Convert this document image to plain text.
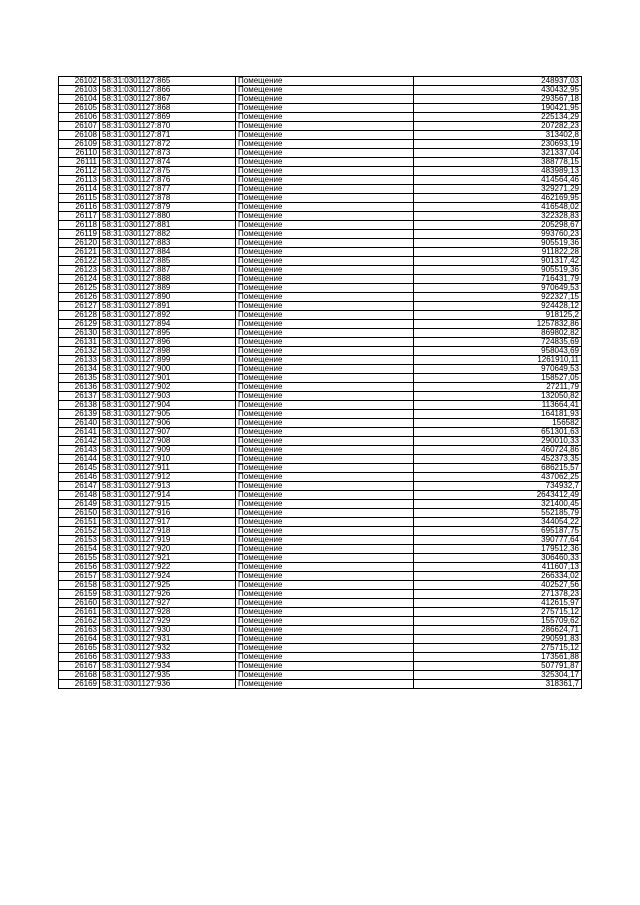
26102	58:31:0301127:865	Помещение	248937,03
26103	58:31:0301127:866	Помещение	430432,95
26104	58:31:0301127:867	Помещение	293567,18
26105	58:31:0301127:868	Помещение	190421,95
26106	58:31:0301127:869	Помещение	225134,29
26107	58:31:0301127:870	Помещение	207282,23
26108	58:31:0301127:871	Помещение	313402,8
26109	58:31:0301127:872	Помещение	230693,19
26110	58:31:0301127:873	Помещение	321337,04
26111	58:31:0301127:874	Помещение	388778,15
26112	58:31:0301127:875	Помещение	483989,13
26113	58:31:0301127:876	Помещение	414564,46
26114	58:31:0301127:877	Помещение	329271,29
26115	58:31:0301127:878	Помещение	462169,95
26116	58:31:0301127:879	Помещение	416548,02
26117	58:31:0301127:880	Помещение	322328,83
26118	58:31:0301127:881	Помещение	205298,67
26119	58:31:0301127:882	Помещение	993760,23
26120	58:31:0301127:883	Помещение	905519,36
26121	58:31:0301127:884	Помещение	911822,28
26122	58:31:0301127:885	Помещение	901317,42
26123	58:31:0301127:887	Помещение	905519,36
26124	58:31:0301127:888	Помещение	716431,79
26125	58:31:0301127:889	Помещение	970649,53
26126	58:31:0301127:890	Помещение	922327,15
26127	58:31:0301127:891	Помещение	924428,12
26128	58:31:0301127:892	Помещение	918125,2
26129	58:31:0301127:894	Помещение	1257832,86
26130	58:31:0301127:895	Помещение	869802,82
26131	58:31:0301127:896	Помещение	724835,69
26132	58:31:0301127:898	Помещение	958043,69
26133	58:31:0301127:899	Помещение	1261910,11
26134	58:31:0301127:900	Помещение	970649,53
26135	58:31:0301127:901	Помещение	158527,05
26136	58:31:0301127:902	Помещение	27211,79
26137	58:31:0301127:903	Помещение	132050,82
26138	58:31:0301127:904	Помещение	113664,41
26139	58:31:0301127:905	Помещение	164181,93
26140	58:31:0301127:906	Помещение	156582
26141	58:31:0301127:907	Помещение	651301,63
26142	58:31:0301127:908	Помещение	290010,33
26143	58:31:0301127:909	Помещение	460724,86
26144	58:31:0301127:910	Помещение	452373,35
26145	58:31:0301127:911	Помещение	686215,57
26146	58:31:0301127:912	Помещение	437062,25
26147	58:31:0301127:913	Помещение	734932,7
26148	58:31:0301127:914	Помещение	2643412,49
26149	58:31:0301127:915	Помещение	321400,45
26150	58:31:0301127:916	Помещение	552185,79
26151	58:31:0301127:917	Помещение	344054,22
26152	58:31:0301127:918	Помещение	695187,75
26153	58:31:0301127:919	Помещение	390777,64
26154	58:31:0301127:920	Помещение	179512,36
26155	58:31:0301127:921	Помещение	306460,33
26156	58:31:0301127:922	Помещение	411607,13
26157	58:31:0301127:924	Помещение	266334,02
26158	58:31:0301127:925	Помещение	402527,56
26159	58:31:0301127:926	Помещение	271378,23
26160	58:31:0301127:927	Помещение	412615,97
26161	58:31:0301127:928	Помещение	275715,12
26162	58:31:0301127:929	Помещение	155709,62
26163	58:31:0301127:930	Помещение	286624,71
26164	58:31:0301127:931	Помещение	290591,83
26165	58:31:0301127:932	Помещение	275715,12
26166	58:31:0301127:933	Помещение	173561,88
26167	58:31:0301127:934	Помещение	507791,87
26168	58:31:0301127:935	Помещение	325304,17
26169	58:31:0301127:936	Помещение	318361,7
